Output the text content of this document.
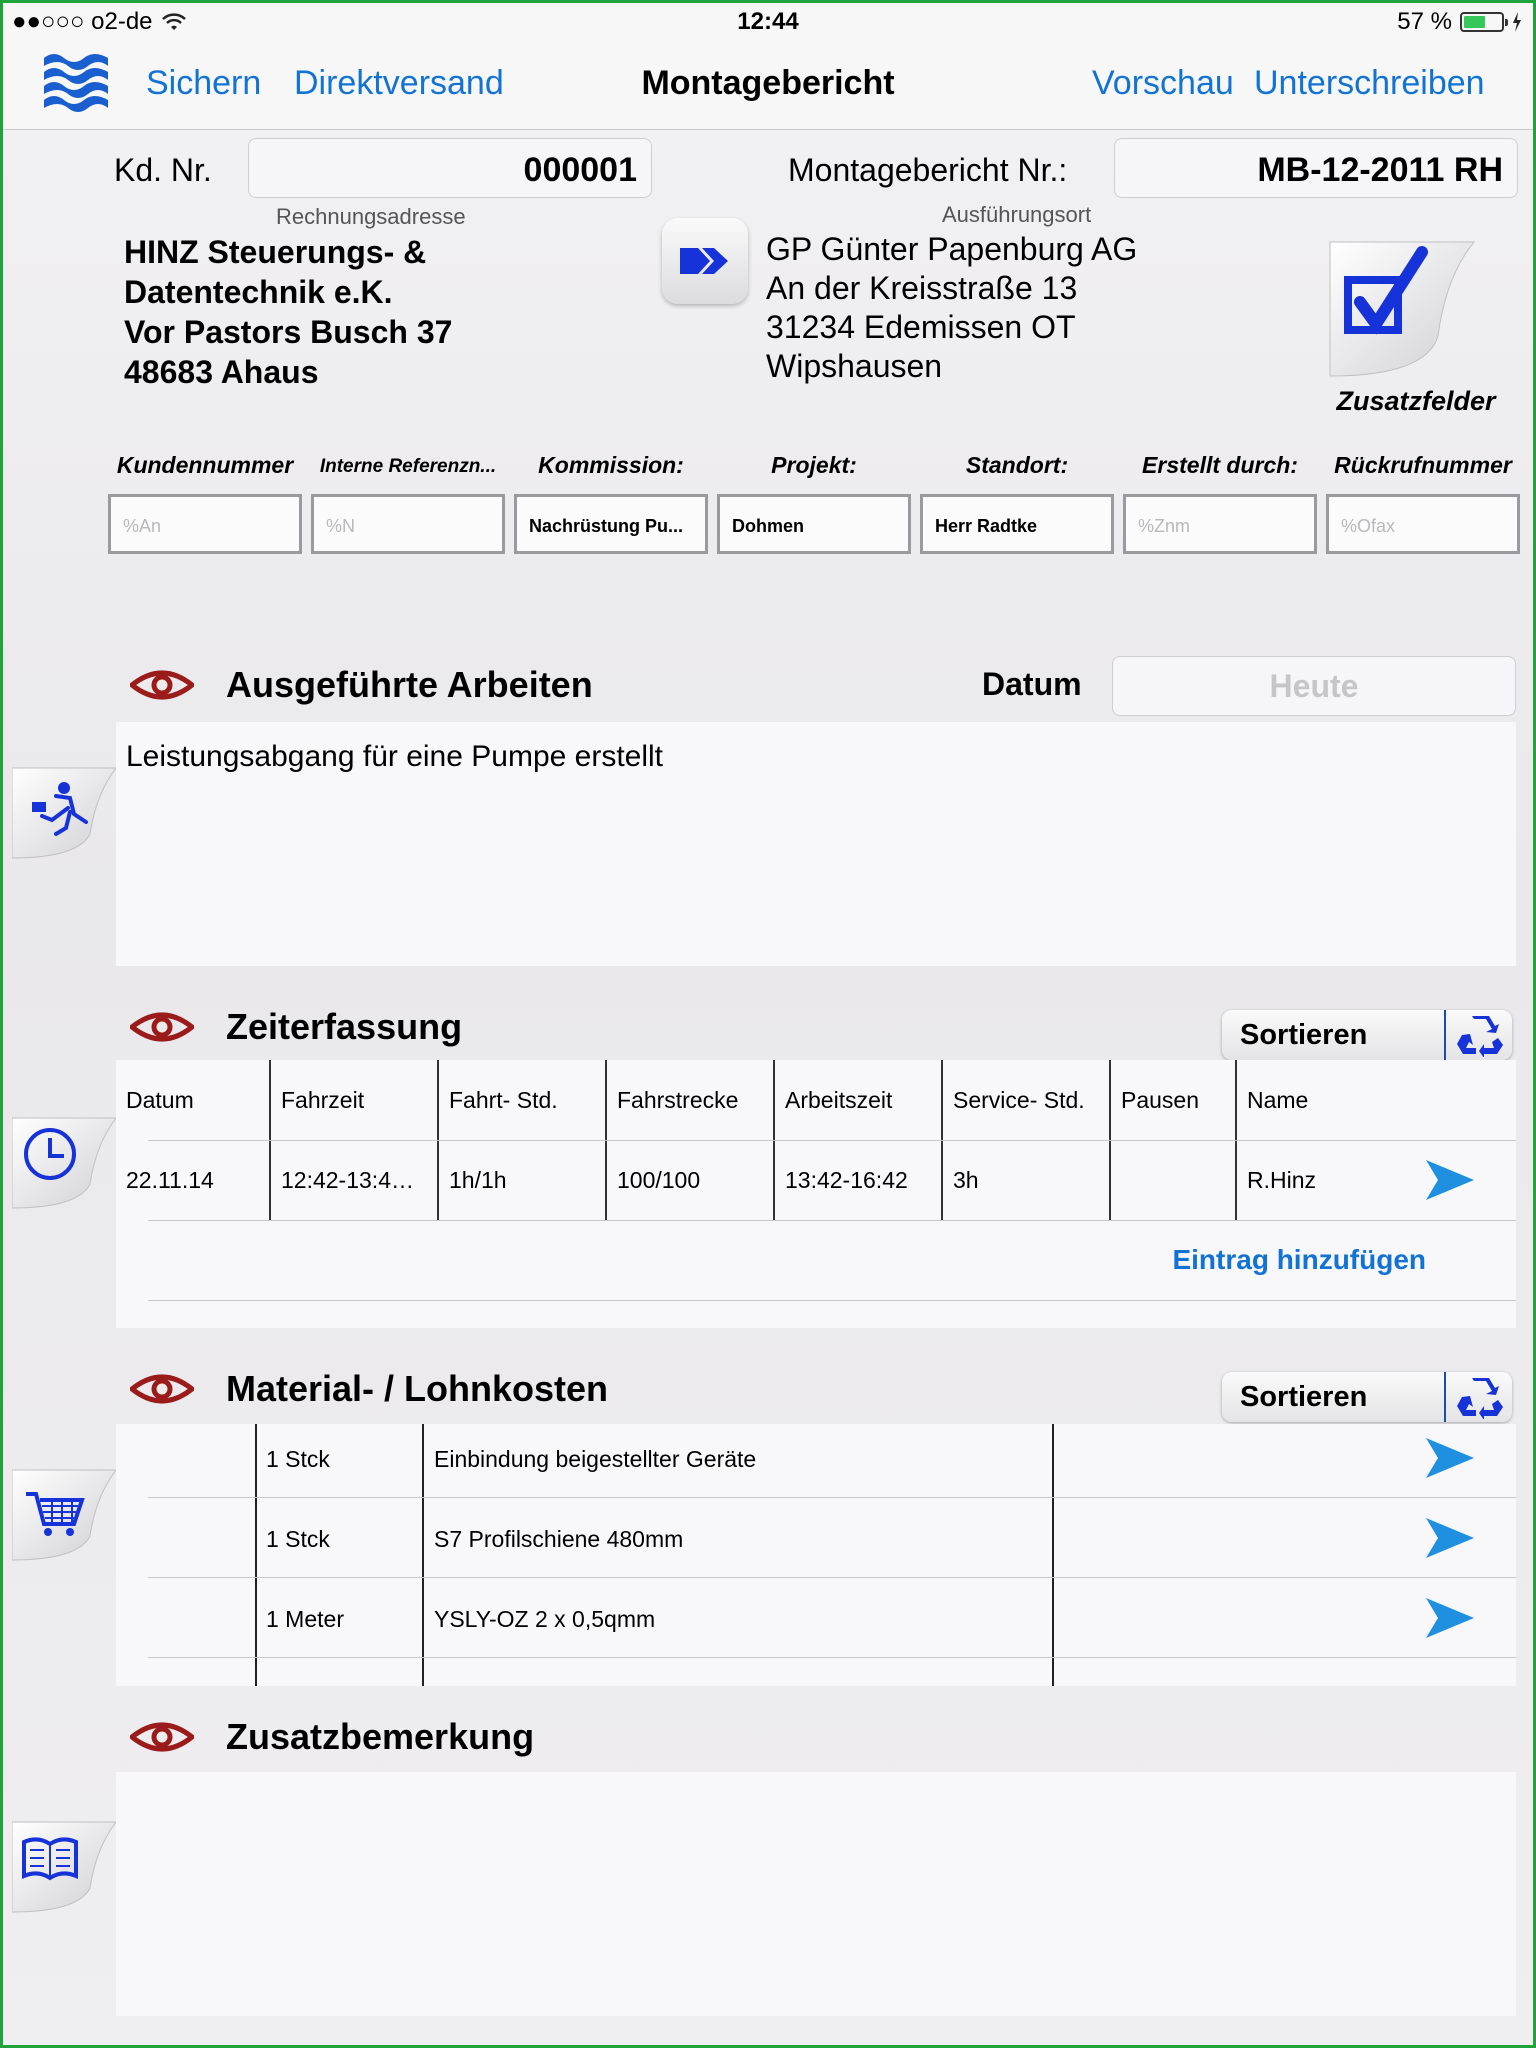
●●○○○ o2-de	12:44	57 %
Sichern Direktversand	Montagebericht	Vorschau Unterschreiben
Kd. Nr.	000001	Montagebericht Nr.:	MB-12-2011 RH
Rechnungsadresse
HINZ Steuerungs- &
Datentechnik e.K.
Vor Pastors Busch 37
48683 Ahaus
Ausführungsort
GP Günter Papenburg AG
An der Kreisstraße 13
31234 Edemissen OT
Wipshausen
Zusatzfelder
Kundennummer	Interne Referenzn...	Kommission:	Projekt:	Standort:	Erstellt durch:	Rückrufnummer
%An	%N	Nachrüstung Pu...	Dohmen	Herr Radtke	%Znm	%Ofax
Ausgeführte Arbeiten	Datum	Heute
Leistungsabgang für eine Pumpe erstellt
Zeiterfassung	Sortieren
Datum	Fahrzeit	Fahrt- Std.	Fahrstrecke	Arbeitszeit	Service- Std.	Pausen	Name
22.11.14	12:42-13:4…	1h/1h	100/100	13:42-16:42	3h		R.Hinz
Eintrag hinzufügen
Material- / Lohnkosten	Sortieren
1 Stck	Einbindung beigestellter Geräte
1 Stck	S7 Profilschiene 480mm
1 Meter	YSLY-OZ 2 x 0,5qmm
Zusatzbemerkung
